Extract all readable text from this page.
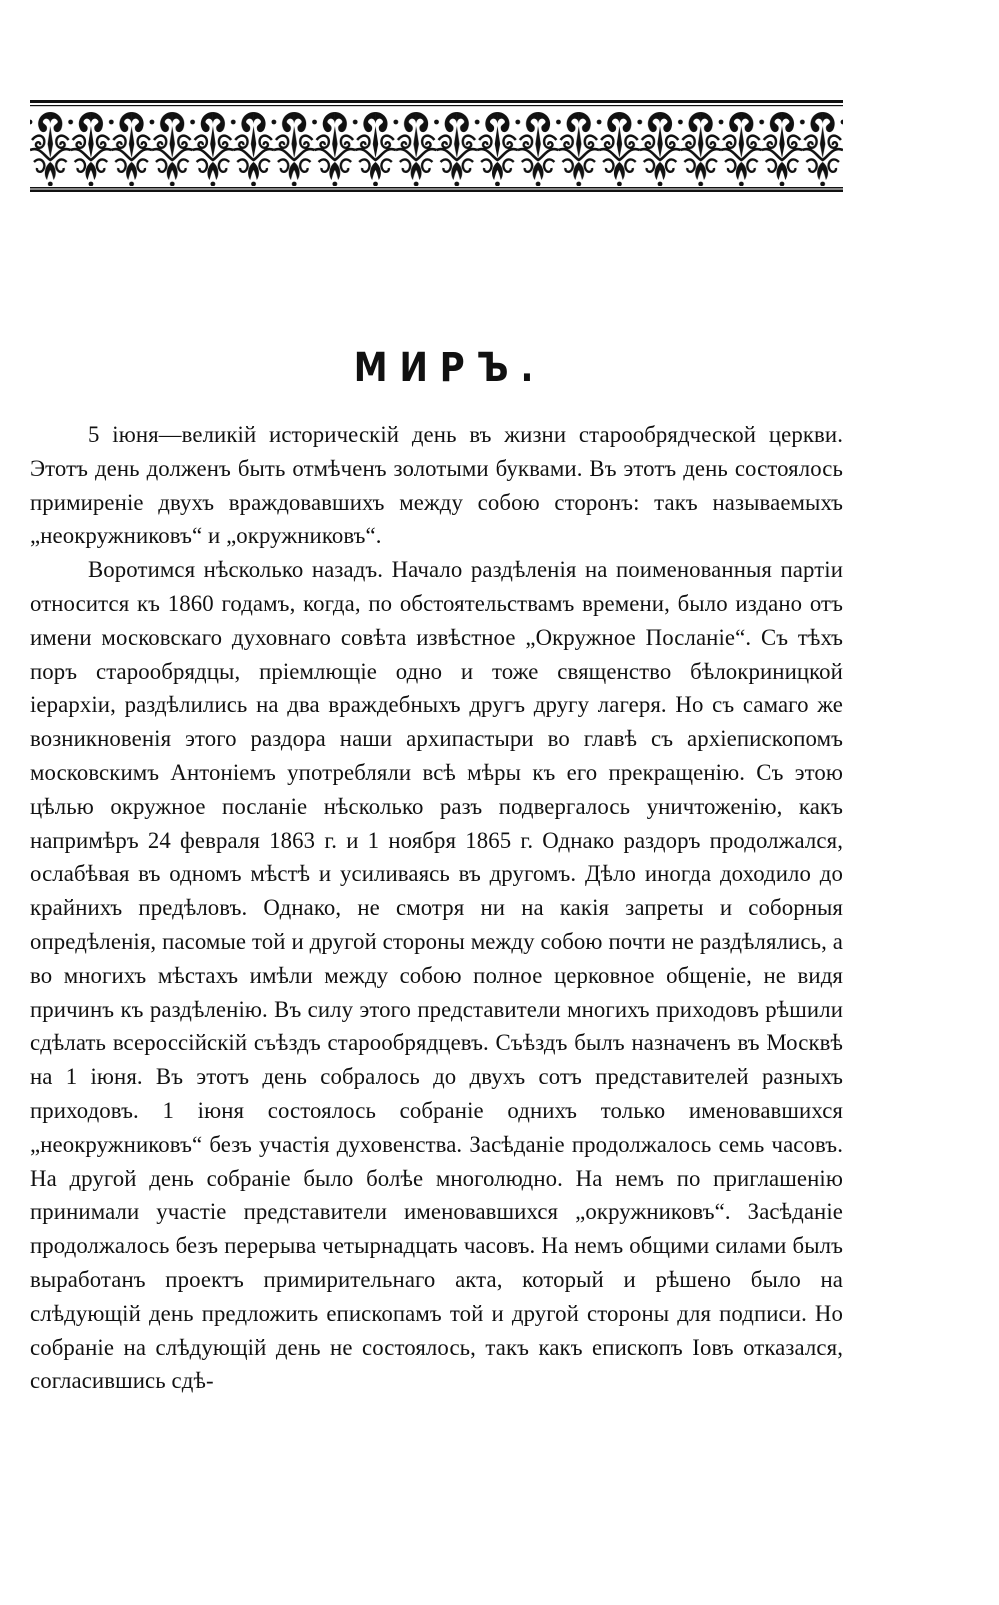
МИРЪ.

5 іюня—великій историческій день въ жизни старообрядческой церкви. Этотъ день долженъ быть отмѣченъ золотыми буквами. Въ этотъ день состоялось примиреніе двухъ враждовавшихъ между собою сторонъ: такъ называемыхъ „неокружниковъ“ и „окружниковъ“.

Воротимся нѣсколько назадъ. Начало раздѣленія на поименованныя партіи относится къ 1860 годамъ, когда, по обстоятельствамъ времени, было издано отъ имени московскаго духовнаго совѣта извѣстное „Окружное Посланіе“. Съ тѣхъ поръ старообрядцы, пріемлющіе одно и тоже священство бѣлокриницкой іерархіи, раздѣлились на два враждебныхъ другъ другу лагеря. Но съ самаго же возникновенія этого раздора наши архипастыри во главѣ съ архіепископомъ московскимъ Антоніемъ употребляли всѣ мѣры къ его прекращенію. Съ этою цѣлью окружное посланіе нѣсколько разъ подвергалось уничтоженію, какъ напримѣръ 24 февраля 1863 г. и 1 ноября 1865 г. Однако раздоръ продолжался, ослабѣвая въ одномъ мѣстѣ и усиливаясь въ другомъ. Дѣло иногда доходило до крайнихъ предѣловъ. Однако, не смотря ни на какія запреты и соборныя опредѣленія, пасомые той и другой стороны между собою почти не раздѣлялись, а во многихъ мѣстахъ имѣли между собою полное церковное общеніе, не видя причинъ къ раздѣленію. Въ силу этого представители многихъ приходовъ рѣшили сдѣлать всероссійскій съѣздъ старообрядцевъ. Съѣздъ былъ назначенъ въ Москвѣ на 1 іюня. Въ этотъ день собралось до двухъ сотъ представителей разныхъ приходовъ. 1 іюня состоялось собраніе однихъ только именовавшихся „неокружниковъ“ безъ участія духовенства. Засѣданіе продолжалось семь часовъ. На другой день собраніе было болѣе многолюдно. На немъ по приглашенію принимали участіе представители именовавшихся „окружниковъ“. Засѣданіе продолжалось безъ перерыва четырнадцать часовъ. На немъ общими силами былъ выработанъ проектъ примирительнаго акта, который и рѣшено было на слѣдующій день предложить епископамъ той и другой стороны для подписи. Но собраніе на слѣдующій день не состоялось, такъ какъ епископъ Іовъ отказался, согласившись сдѣ-
